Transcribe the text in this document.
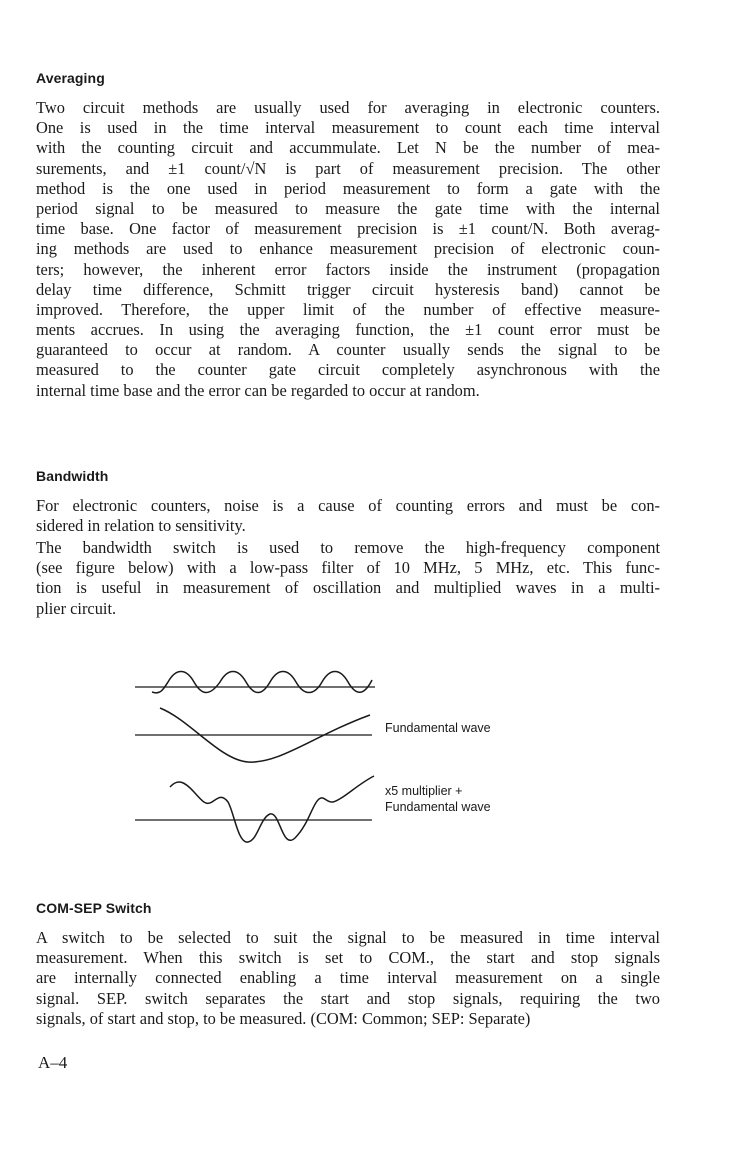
Averaging
Two circuit methods are usually used for averaging in electronic counters.
One is used in the time interval measurement to count each time interval
with the counting circuit and accummulate. Let N be the number of mea-
surements, and ±1 count/√N is part of measurement precision. The other
method is the one used in period measurement to form a gate with the
period signal to be measured to measure the gate time with the internal
time base. One factor of measurement precision is ±1 count/N. Both averag-
ing methods are used to enhance measurement precision of electronic coun-
ters; however, the inherent error factors inside the instrument (propagation
delay time difference, Schmitt trigger circuit hysteresis band) cannot be
improved. Therefore, the upper limit of the number of effective measure-
ments accrues. In using the averaging function, the ±1 count error must be
guaranteed to occur at random. A counter usually sends the signal to be
measured to the counter gate circuit completely asynchronous with the
internal time base and the error can be regarded to occur at random.
Bandwidth
For electronic counters, noise is a cause of counting errors and must be con-
sidered in relation to sensitivity.
The bandwidth switch is used to remove the high-frequency component
(see figure below) with a low-pass filter of 10 MHz, 5 MHz, etc. This func-
tion is useful in measurement of oscillation and multiplied waves in a multi-
plier circuit.
Fundamental wave
x5 multiplier +
Fundamental wave
COM-SEP Switch
A switch to be selected to suit the signal to be measured in time interval
measurement. When this switch is set to COM., the start and stop signals
are internally connected enabling a time interval measurement on a single
signal. SEP. switch separates the start and stop signals, requiring the two
signals, of start and stop, to be measured. (COM: Common; SEP: Separate)
A–4
